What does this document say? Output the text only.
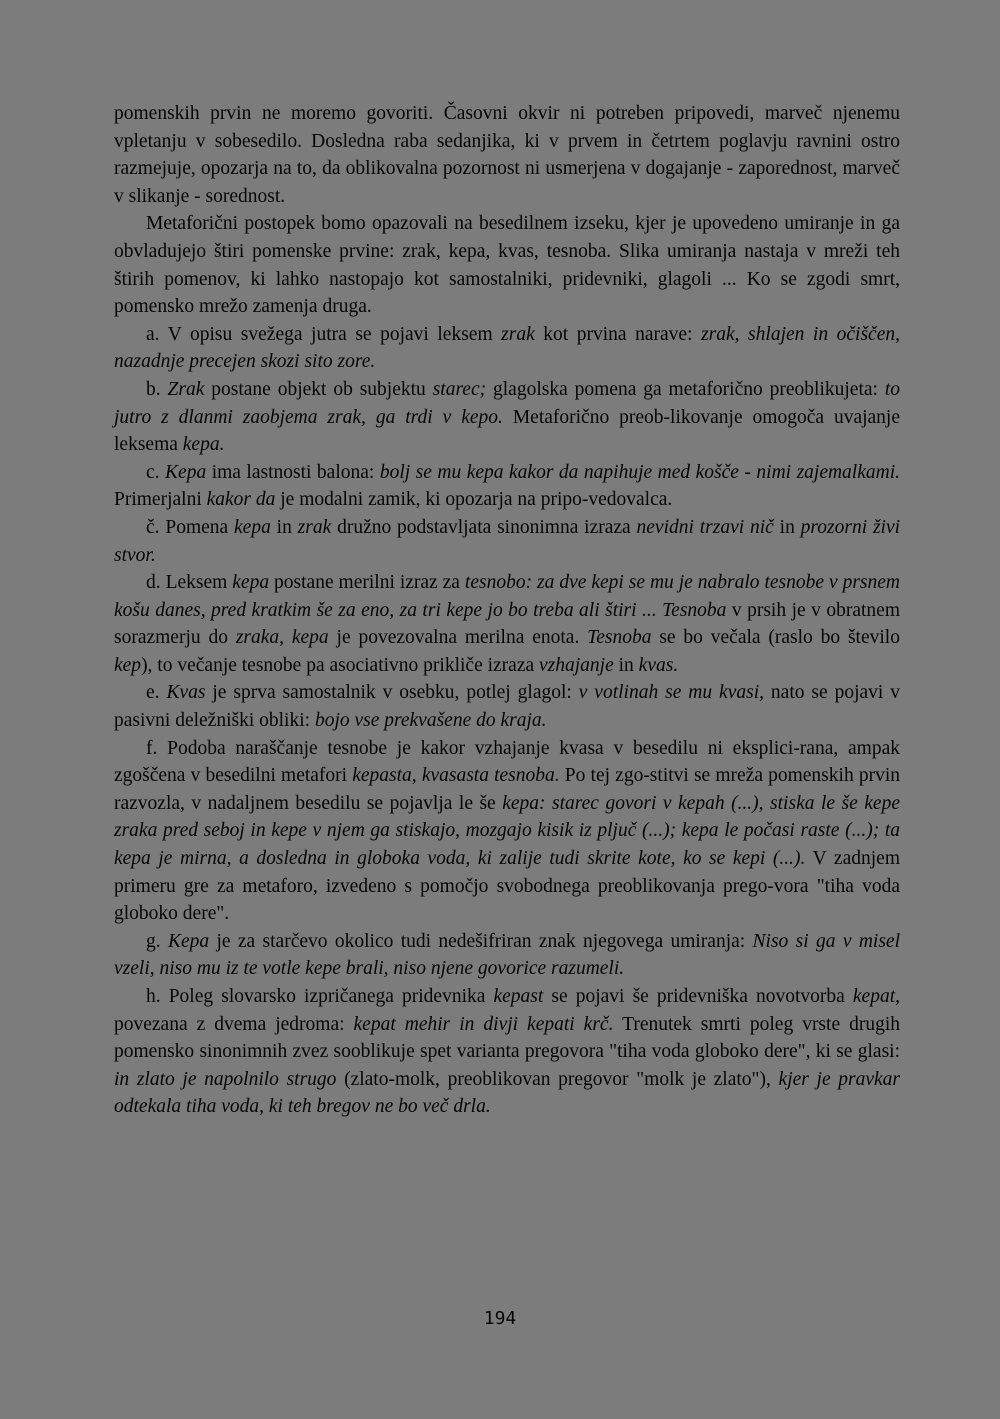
pomenskih prvin ne moremo govoriti. Časovni okvir ni potreben pripovedi, marveč njenemu vpletanju v sobesedilo. Dosledna raba sedanjika, ki v prvem in četrtem poglavju ravnini ostro razmejuje, opozarja na to, da oblikovalna pozornost ni usmerjena v dogajanje - zaporednost, marveč v slikanje - sorednost.

Metaforični postopek bomo opazovali na besedilnem izseku, kjer je upovedeno umiranje in ga obvladujejo štiri pomenske prvine: zrak, kepa, kvas, tesnoba. Slika umiranja nastaja v mreži teh štirih pomenov, ki lahko nastopajo kot samostalniki, pridevniki, glagoli ... Ko se zgodi smrt, pomensko mrežo zamenja druga.

a. V opisu svežega jutra se pojavi leksem zrak kot prvina narave: zrak, shlajen in očiščen, nazadnje precejen skozi sito zore.

b. Zrak postane objekt ob subjektu starec; glagolska pomena ga metaforično preoblikujeta: to jutro z dlanmi zaobjema zrak, ga trdi v kepo. Metaforično preob-likovanje omogoča uvajanje leksema kepa.

c. Kepa ima lastnosti balona: bolj se mu kepa kakor da napihuje med košče - nimi zajemalkami. Primerjalni kakor da je modalni zamik, ki opozarja na pripo-vedovalca.

č. Pomena kepa in zrak družno podstavljata sinonimna izraza nevidni trzavi nič in prozorni živi stvor.

d. Leksem kepa postane merilni izraz za tesnobo: za dve kepi se mu je nabralo tesnobe v prsnem košu danes, pred kratkim še za eno, za tri kepe jo bo treba ali štiri ... Tesnoba v prsih je v obratnem sorazmerju do zraka, kepa je povezovalna merilna enota. Tesnoba se bo večala (raslo bo število kep), to večanje tesnobe pa asociativno prikliče izraza vzhajanje in kvas.

e. Kvas je sprva samostalnik v osebku, potlej glagol: v votlinah se mu kvasi, nato se pojavi v pasivni deležniški obliki: bojo vse prekvašene do kraja.

f. Podoba naraščanje tesnobe je kakor vzhajanje kvasa v besedilu ni eksplici-rana, ampak zgoščena v besedilni metafori kepasta, kvasasta tesnoba. Po tej zgo-stitvi se mreža pomenskih prvin razvozla, v nadaljnem besedilu se pojavlja le še kepa: starec govori v kepah (...), stiska le še kepe zraka pred seboj in kepe v njem ga stiskajo, mozgajo kisik iz pljuč (...); kepa le počasi raste (...); ta kepa je mirna, a dosledna in globoka voda, ki zalije tudi skrite kote, ko se kepi (...). V zadnjem primeru gre za metaforo, izvedeno s pomočjo svobodnega preoblikovanja prego-vora "tiha voda globoko dere".

g. Kepa je za starčevo okolico tudi nedešifriran znak njegovega umiranja: Niso si ga v misel vzeli, niso mu iz te votle kepe brali, niso njene govorice razumeli.

h. Poleg slovarsko izpričanega pridevnika kepast se pojavi še pridevniška novotvorba kepat, povezana z dvema jedroma: kepat mehir in divji kepati krč. Trenutek smrti poleg vrste drugih pomensko sinonimnih zvez sooblikuje spet varianta pregovora "tiha voda globoko dere", ki se glasi: in zlato je napolnilo strugo (zlato-molk, preoblikovan pregovor "molk je zlato"), kjer je pravkar odtekala tiha voda, ki teh bregov ne bo več drla.

194
